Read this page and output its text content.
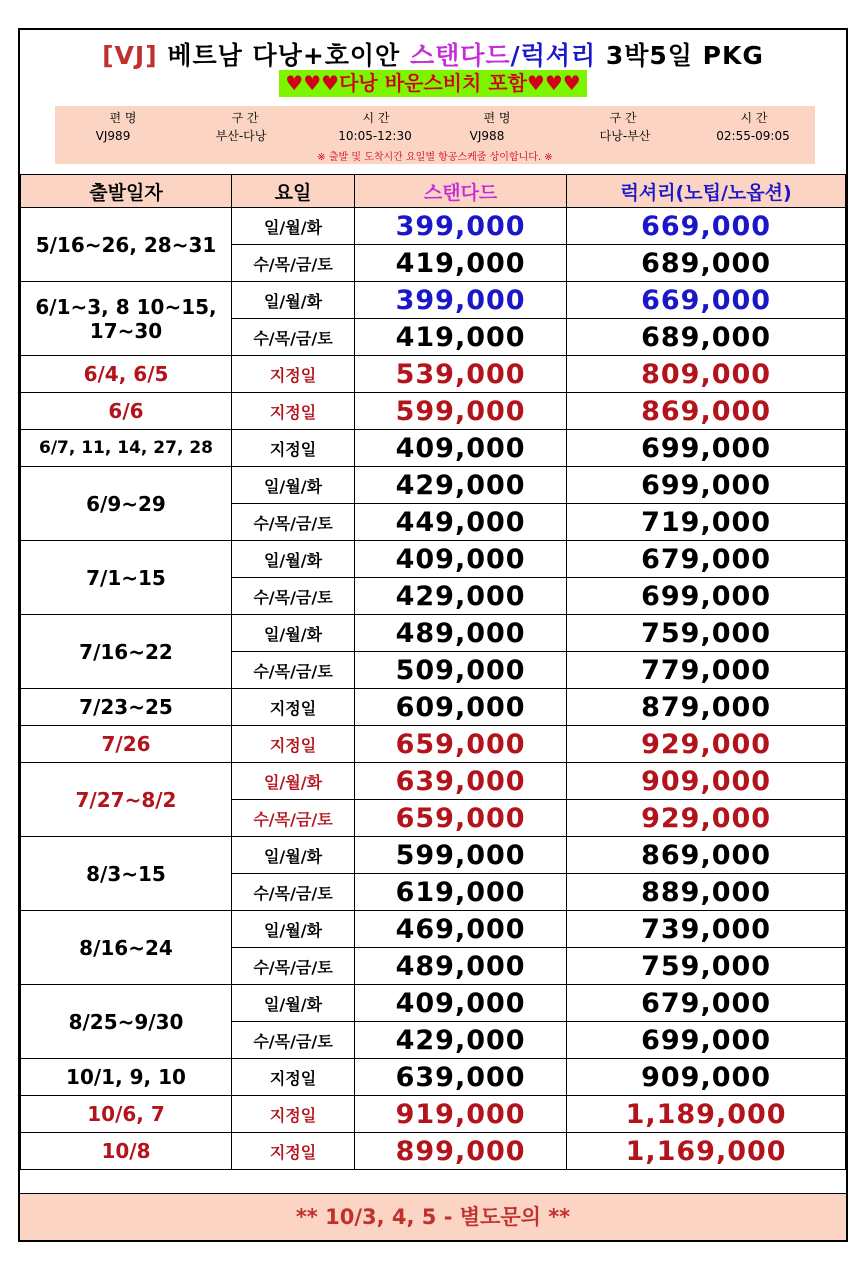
[VJ] 베트남 다낭+호이안 스탠다드/럭셔리 3박5일 PKG
♥♥♥다낭 바운스비치 포함♥♥♥
편 명	구 간	시 간	편 명	구 간	시 간
VJ989	부산-다낭	10:05-12:30	VJ988	다낭-부산	02:55-09:05
※ 출발 및 도착시간 요일별 항공스케줄 상이합니다. ※
출발일자	요일	스탠다드	럭셔리(노팁/노옵션)
5/16~26, 28~31	일/월/화	399,000	669,000
	수/목/금/토	419,000	689,000
6/1~3, 8 10~15, 17~30	일/월/화	399,000	669,000
	수/목/금/토	419,000	689,000
6/4, 6/5	지정일	539,000	809,000
6/6	지정일	599,000	869,000
6/7, 11, 14, 27, 28	지정일	409,000	699,000
6/9~29	일/월/화	429,000	699,000
	수/목/금/토	449,000	719,000
7/1~15	일/월/화	409,000	679,000
	수/목/금/토	429,000	699,000
7/16~22	일/월/화	489,000	759,000
	수/목/금/토	509,000	779,000
7/23~25	지정일	609,000	879,000
7/26	지정일	659,000	929,000
7/27~8/2	일/월/화	639,000	909,000
	수/목/금/토	659,000	929,000
8/3~15	일/월/화	599,000	869,000
	수/목/금/토	619,000	889,000
8/16~24	일/월/화	469,000	739,000
	수/목/금/토	489,000	759,000
8/25~9/30	일/월/화	409,000	679,000
	수/목/금/토	429,000	699,000
10/1, 9, 10	지정일	639,000	909,000
10/6, 7	지정일	919,000	1,189,000
10/8	지정일	899,000	1,169,000
** 10/3, 4, 5 - 별도문의 **
